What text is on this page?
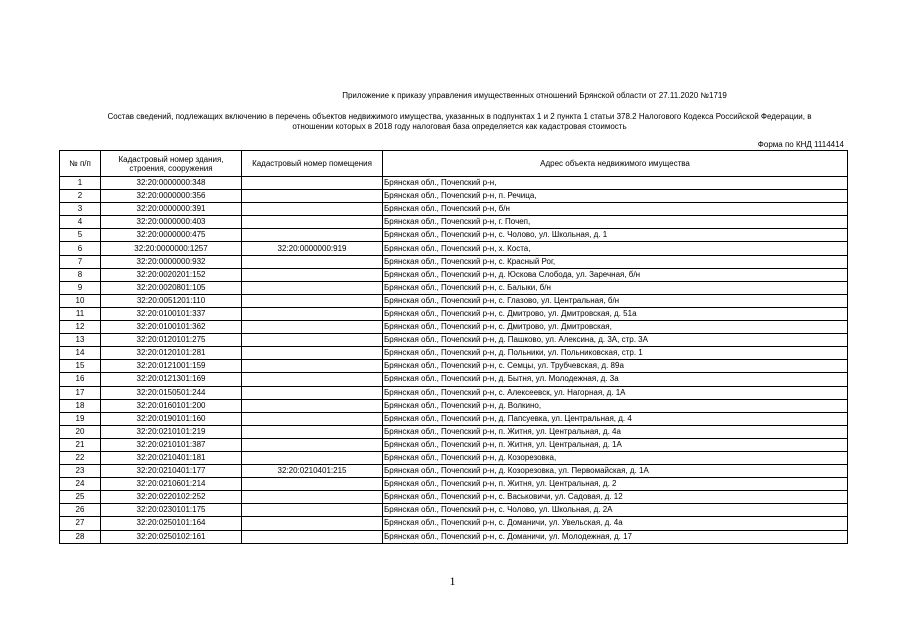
Приложение к приказу управления имущественных отношений Брянской области от 27.11.2020 №1719
Состав сведений, подлежащих включению в перечень объектов недвижимого имущества, указанных в подпунктах 1 и 2 пункта 1 статьи 378.2 Налогового Кодекса Российской Федерации, в
отношении которых в 2018 году налоговая база определяется как кадастровая стоимость
Форма по КНД 1114414
№ п/п	Кадастровый номер здания, строения, сооружения	Кадастровый номер помещения	Адрес объекта недвижимого имущества
1	32:20:0000000:348		Брянская обл., Почепский р-н,
2	32:20:0000000:356		Брянская обл., Почепский р-н, п. Речица,
3	32:20:0000000:391		Брянская обл., Почепский р-н, б/н
4	32:20:0000000:403		Брянская обл., Почепский р-н, г. Почеп,
5	32:20:0000000:475		Брянская обл., Почепский р-н, с. Чолово, ул. Школьная, д. 1
6	32:20:0000000:1257	32:20:0000000:919	Брянская обл., Почепский р-н, х. Коста,
7	32:20:0000000:932		Брянская обл., Почепский р-н, с. Красный Рог,
8	32:20:0020201:152		Брянская обл., Почепский р-н, д. Юскова Слобода, ул. Заречная, б/н
9	32:20:0020801:105		Брянская обл., Почепский р-н, с. Балыки, б/н
10	32:20:0051201:110		Брянская обл., Почепский р-н, с. Глазово, ул. Центральная, б/н
11	32:20:0100101:337		Брянская обл., Почепский р-н, с. Дмитрово, ул. Дмитровская, д. 51а
12	32:20:0100101:362		Брянская обл., Почепский р-н, с. Дмитрово, ул. Дмитровская,
13	32:20:0120101:275		Брянская обл., Почепский р-н, д. Пашково, ул. Алексина, д. 3А, стр. 3А
14	32:20:0120101:281		Брянская обл., Почепский р-н, д. Польники, ул. Польниковская, стр. 1
15	32:20:0121001:159		Брянская обл., Почепский р-н, с. Семцы, ул. Трубчевская, д. 89а
16	32:20:0121301:169		Брянская обл., Почепский р-н, д. Бытня, ул. Молодежная, д. 3а
17	32:20:0150501:244		Брянская обл., Почепский р-н, с. Алексеевск, ул. Нагорная, д. 1А
18	32:20:0160101:200		Брянская обл., Почепский р-н, д. Волкино,
19	32:20:0190101:160		Брянская обл., Почепский р-н, д. Папсуевка, ул. Центральная, д. 4
20	32:20:0210101:219		Брянская обл., Почепский р-н, п. Житня, ул. Центральная, д. 4а
21	32:20:0210101:387		Брянская обл., Почепский р-н, п. Житня, ул. Центральная, д. 1А
22	32:20:0210401:181		Брянская обл., Почепский р-н, д. Козорезовка,
23	32:20:0210401:177	32:20:0210401:215	Брянская обл., Почепский р-н, д. Козорезовка, ул. Первомайская, д. 1А
24	32:20:0210601:214		Брянская обл., Почепский р-н, п. Житня, ул. Центральная, д. 2
25	32:20:0220102:252		Брянская обл., Почепский р-н, с. Васьковичи, ул. Садовая, д. 12
26	32:20:0230101:175		Брянская обл., Почепский р-н, с. Чолово, ул. Школьная, д. 2А
27	32:20:0250101:164		Брянская обл., Почепский р-н, с. Доманичи, ул. Увельская, д. 4а
28	32:20:0250102:161		Брянская обл., Почепский р-н, с. Доманичи, ул. Молодежная, д. 17
1
